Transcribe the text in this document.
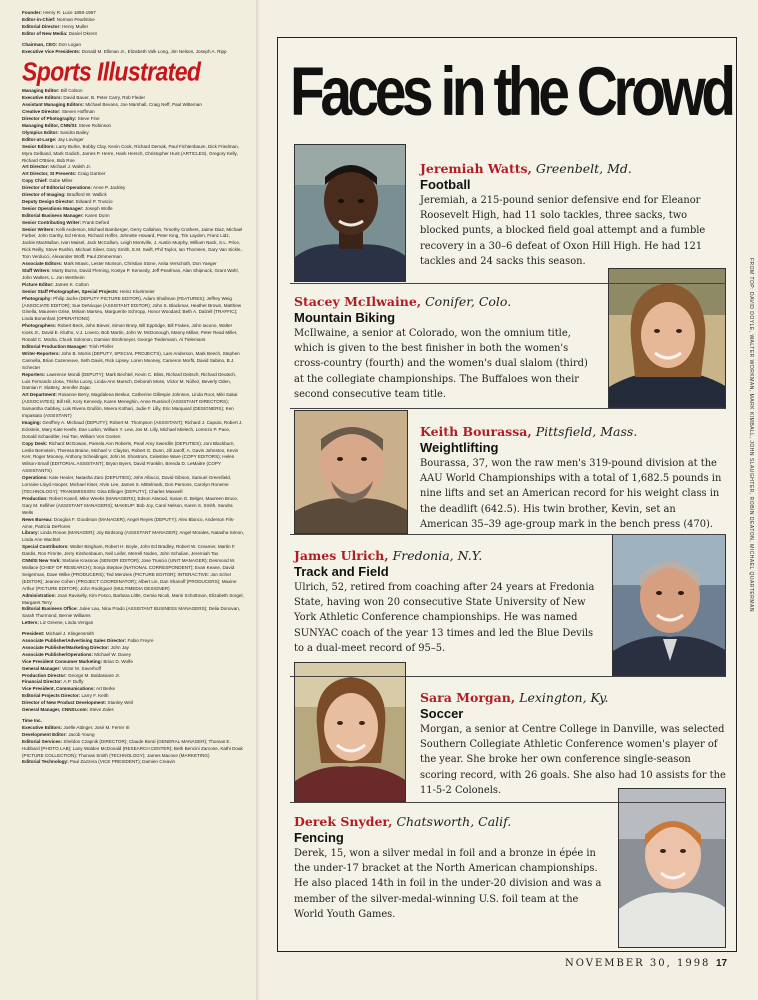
Founder: Henry R. Luce 1898-1967
Editor-in-Chief: Norman Pearlstine
Editorial Director: Henry Muller
Editor of New Media: Daniel Okrent
Chairman, CEO: Don Logan
Executive Vice Presidents: Donald M. Elliman Jr., Elizabeth Valk Long, Jim Nelson, Joseph A. Ripp
Sports Illustrated
Managing Editor: Bill Colson
Executive Editors: David Bauer, B. Peter Carry, Rob Fleder
Assistant Managing Editors: Michael Bevans, Joe Marshall, Craig Neff, Paul Witteman
Creative Director: Steven Hoffman
Director of Photography: Steve Fine
Managing Editor, CNN/SI: Steve Robinson
Olympics Editor: Sandra Bailey
Editor-at-Large: Jay Lovinger
Senior Editors: Larry Burke, Bobby Clay, Kevin Cook, Richard Demak, Paul Fichtenbaum, Dick Friedman, Myra Gelband, Mark Godich, James P. Herre, Hank Hersch, Christopher Hunt (ARTICLES), Gregory Kelly, Richard O'Brien, Bob Roe
Art Director: Michael J. Walsh Jr.
Art Director, SI Presents: Craig Gartner
Copy Chief: Gabe Miller
Director of Editorial Operations: Anne P. Jackley
Director of Imaging: Bradford W. Wallick
Deputy Design Director: Edward P. Truscio
Senior Operations Manager: Joseph Wolfe
Editorial Business Manager: Karen Dunn
Senior Contributing Writer: Frank Deford
Senior Writers: Kelli Anderson, Michael Bamberger, Gerry Callahan, Timothy Crothers, Jaime Diaz, Michael Farber, John Garrity, Ed Hinton, Richard Hoffer, Johnette Howard, Peter King, Tim Layden, Franz Lidz, Jackie MacMullan, Ivan Maisel, Jack McCallum, Leigh Montville, J. Austin Murphy, William Nack, S.L. Price, Rick Reilly, Steve Rushin, Michael Silver, Gary Smith, E.M. Swift, Phil Taylor, Ian Thomsen, Gary Van Sickle, Tom Verducci, Alexander Wolff, Paul Zimmerman
Associate Editors: Mark Mravic, Lester Munson, Christian Stone, Anita Verschoth, Don Yaeger
Staff Writers: Marty Burns, David Fleming, Kostya P. Kennedy, Jeff Pearlman, Alan Shipnuck, Grant Wahl, John Walters, L. Jon Wertheim
Picture Editor: James K. Colton
Senior Staff Photographer, Special Projects: Heinz Kluetmeier
Photography: Philip Jache (DEPUTY PICTURE EDITOR), Adam Shallman (FEATURES); Jeffrey Weig (ASSOCIATE EDITOR); Sue DeNicque (ASSISTANT EDITOR); John S. Blackmar, Heather Brown, Matthew Ginella, Maureen Grise, Miriam Marseu, Marguerite Schropp, Honor Woodard; Beth A. Dalzell (TRAFFIC); Linda Bonenfant (OPERATIONS)
Photographers: Robert Beck, John Biever, Simon Bruty, Bill Eppridge, Bill Frakes, John Iacono, Walter Iooss Jr., David E. Klutho, V.J. Lovero, Bob Martin, John W. McDonough, Manny Millan, Peter Read Miller, Ronald C. Modra, Chuck Solomon, Damian Strohmeyer, George Tiedemann, Al Tielemans
Editorial Production Manager: Trish Pfeifer
Writer-Reporters: John B. Morris (DEPUTY, SPECIAL PROJECTS), Lars Anderson, Mark Beech, Stephen Cannella, Brian Cazeneuve, Seth Davis, Rick Lipsey, Loren Mooney, Cameron Morfit, David Sabino, B.J. Schecter
Reporters: Lawrence Mondi (DEPUTY); Mark Bechtel, Kevin C. Bliss, Richard Deitsch, Richard Deutsch, Luis Fernando Llosa, Trisha Lucey, Linda-Ann Marsch, Deborah Moss, Victor M. Núñez, Beverly Oden, Damian F. Slattery, Jennifer Zajac
Art Department: Rosanne Berry, Magdalena Beskur, Catherine Gillespie Johnson, Linda Root, Miki Sakai (ASSOCIATES); Bill Hill, Kory Kennedy, Karen Meneghin, Anne Russinof (ASSISTANT DIRECTORS); Samantha Gabbey, Luis Rivera Grullón, Meera Kothari, Judie F. Lilly, Eric Marquard (DESIGNERS); Ken Impastato (ASSISTANT)
Imaging: Geoffrey A. Michaud (DEPUTY); Robert M. Thompson (ASSISTANT); Richard J. Caputo, Robert J. Eckstein, Mary Kate Keefe, Dan Larkin, William Y. Lew, Jos M. Lilly, Michael Mielech, Lorenzo P. Pace, Donald Schaedtler, Hai Tan, William Von Gonten
Copy Desk: Richard McGowan, Pamela Ann Roberts, Pearl Amy Swerdlin (DEPUTIES); Joni Blackburn, Leslie Bernstein, Theresa Braine, Michael V. Clayton, Robert G. Dunn, Jill Jaroff, A. Gavin Johnston, Kevin Kerr, Roger Mooney, Anthony Scheidinger, John M. Shostrom, Celestine Ware (COPY EDITORS); Helen Wilson-Small (EDITORIAL ASSISTANT); Bryan Byers, David Franklin, Brenda D. LeMaitre (COPY ASSISTANTS)
Operations: Kate Heuler, Natasha Zaro (DEPUTIES); John Albucci, David Gibson, Samuel Greenfield, Lorraine Lloyd Hooper, Michael Kiser, Alvin Lee, James S. Mittelmark, Don Parsons, Carolyn Roneme (TECHNOLOGY); TRANSMISSION: Gisa Ellinger (DEPUTY); Charles Maxwell
Production: Robert Kanell, Mike Weeks (MANAGERS); Edson Atwood, Susan G. Belger, Maureen Bruce, Gary M. Kelliher (ASSISTANT MANAGERS); MAKEUP: Bob Joy, Carol Nelson, Karen S. Smith, Sandra Wells
News Bureau: Douglas F. Goodman (MANAGER); Angel Reyes (DEPUTY); Alex Blanco, Anderson Fils-Aime, Patricia DeFlores
Library: Linda Ronan (MANAGER); Joy Birdsong (ASSISTANT MANAGER); Angel Morales, Natasha Simon, Linda Ann Wachtel
Special Contributors: Walter Bingham, Robert H. Boyle, John Ed Bradley, Robert W. Creamer, Martin F. Dardis, Ron Fimrite, Jerry Kirshenbaum, Neil Leifer, Merrell Noden, John Schulian, Jeremiah Tax
CNN/SI New York: Stefanie Krasnow (SENIOR EDITOR); Jose Truscio (UNIT MANAGER); Desmond M. Wallace (CHIEF OF RESEARCH); Sonja Steptoe (NATIONAL CORRESPONDENT); Evan Keane, David Seigerman, Dave Wilke (PRODUCERS); Ted Menzies (PICTURE EDITOR); INTERACTIVE: Jon Scher (EDITOR); Jeanne Cohen (PROJECT COORDINATOR); Albert Lin, Dan Shanoff (PRODUCERS); Maxine Arthur (PICTURE EDITOR); John Rodriguez (MULTIMEDIA DESIGNER)
Administration: Joan Raviselly, Kim Fosco, Barbara Little, Gemia Nicoli, Marni Schottman, Elizabeth Sorgel, Margaret Terry
Editorial Business Office: Julee Lau, Nina Prado (ASSISTANT BUSINESS MANAGERS); Delia Donovan, Sarah Thurmond, Bernie Williams
Letters: Liz Greene, Linda Verigan
President: Michael J. Klingensmith
Associate Publisher/Advertising Sales Director: Fabio Freyre
Associate Publisher/Marketing Director: John Jay
Associate Publisher/Operations: Michael W. Davey
Vice President Consumer Marketing: Brian D. Wolfe
General Manager: Victor M. Saverhoff
Production Director: George M. Baldassare Jr.
Financial Director: A.P. Duffy
Vice President, Communications: Art Berke
Editorial Projects Director: Larry F. Keith
Director of New Product Development: Stanley Weil
General Manager, CNNSI.com: Steve Zales
Time Inc.
Executive Editors: Joëlle Attinger, José M. Ferrer III
Development Editor: Jacob Young
Editorial Services: Sheldon Czapnik (DIRECTOR); Claude Boral (GENERAL MANAGER); Thomas E. Hubbard (PHOTO LAB); Lany Walden McDonald (RESEARCH CENTER); Beth Bencini Zarcone, Kathi Doak (PICTURE COLLECTION); Thomas Smith (TECHNOLOGY); James Macove (MARKETING)
Editorial Technology: Paul Zazzera (VICE PRESIDENT); Damien Creavin
Faces in the Crowd
Jeremiah Watts, Greenbelt, Md.
Football
Jeremiah, a 215-pound senior defensive end for Eleanor Roosevelt High, had 11 solo tackles, three sacks, two blocked punts, a blocked field goal attempt and a fumble recovery in a 30–6 defeat of Oxon Hill High. He had 121 tackles and 24 sacks this season.
Stacey McIlwaine, Conifer, Colo.
Mountain Biking
McIlwaine, a senior at Colorado, won the omnium title, which is given to the best finisher in both the women's cross-country (fourth) and the women's dual slalom (third) at the collegiate championships. The Buffaloes won their second consecutive team title.
Keith Bourassa, Pittsfield, Mass.
Weightlifting
Bourassa, 37, won the raw men's 319-pound division at the AAU World Championships with a total of 1,682.5 pounds in nine lifts and set an American record for his weight class in the deadlift (642.5). His twin brother, Kevin, set an American 35–39 age-group mark in the bench press (470).
James Ulrich, Fredonia, N.Y.
Track and Field
Ulrich, 52, retired from coaching after 24 years at Fredonia State, having won 20 consecutive State University of New York Athletic Conference championships. He was named SUNYAC coach of the year 13 times and led the Blue Devils to a dual-meet record of 95–5.
Sara Morgan, Lexington, Ky.
Soccer
Morgan, a senior at Centre College in Danville, was selected Southern Collegiate Athletic Conference women's player of the year. She broke her own conference single-season scoring record, with 26 goals. She also had 10 assists for the 11-5-2 Colonels.
Derek Snyder, Chatsworth, Calif.
Fencing
Derek, 15, won a silver medal in foil and a bronze in épée in the under-17 bracket at the North American championships. He also placed 14th in foil in the under-20 division and was a member of the silver-medal-winning U.S. foil team at the World Youth Games.
FROM TOP: DAVID DOYLE, WALTER WORKMAN, MARK KIMBALL, JOHN SLAUGHTER, ROBIN DEATON, MICHAEL QUARTERMAN
NOVEMBER 30, 1998 17
